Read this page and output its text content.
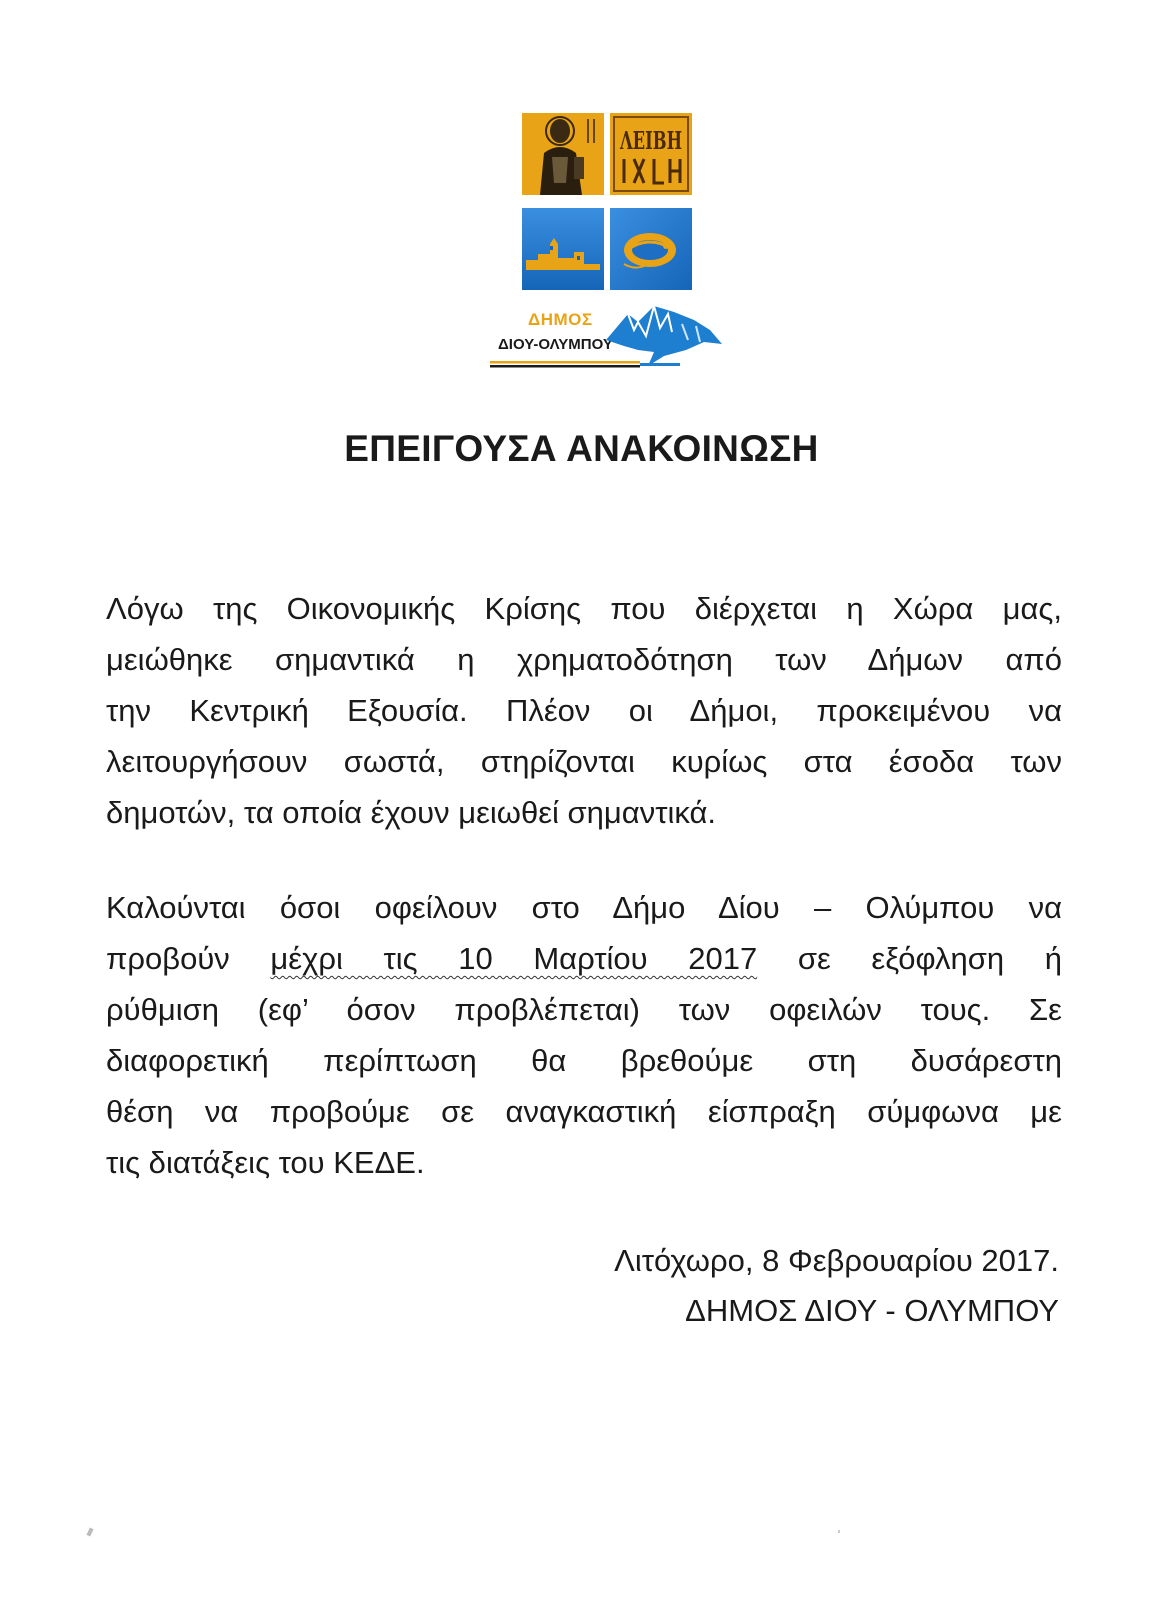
ΛΕΙΒΗ
ΔΗΜΟΣ
ΔΙΟΥ-ΟΛΥΜΠΟΥ
ΕΠΕΙΓΟΥΣΑ ΑΝΑΚΟΙΝΩΣΗ
Λόγω της Οικονομικής Κρίσης που διέρχεται η Χώρα μας,
μειώθηκε σημαντικά η χρηματοδότηση των Δήμων από
την Κεντρική Εξουσία. Πλέον οι Δήμοι, προκειμένου να
λειτουργήσουν σωστά, στηρίζονται κυρίως στα έσοδα των
δημοτών, τα οποία έχουν μειωθεί σημαντικά.
Καλούνται όσοι οφείλουν στο Δήμο Δίου – Ολύμπου να
προβούν μέχρι τις 10 Μαρτίου 2017 σε εξόφληση ή
ρύθμιση (εφ’ όσον προβλέπεται) των οφειλών τους. Σε
διαφορετική περίπτωση θα βρεθούμε στη δυσάρεστη
θέση να προβούμε σε αναγκαστική είσπραξη σύμφωνα με
τις διατάξεις του ΚΕΔΕ.
Λιτόχωρο, 8 Φεβρουαρίου 2017.
ΔΗΜΟΣ ΔΙΟΥ - ΟΛΥΜΠΟΥ
